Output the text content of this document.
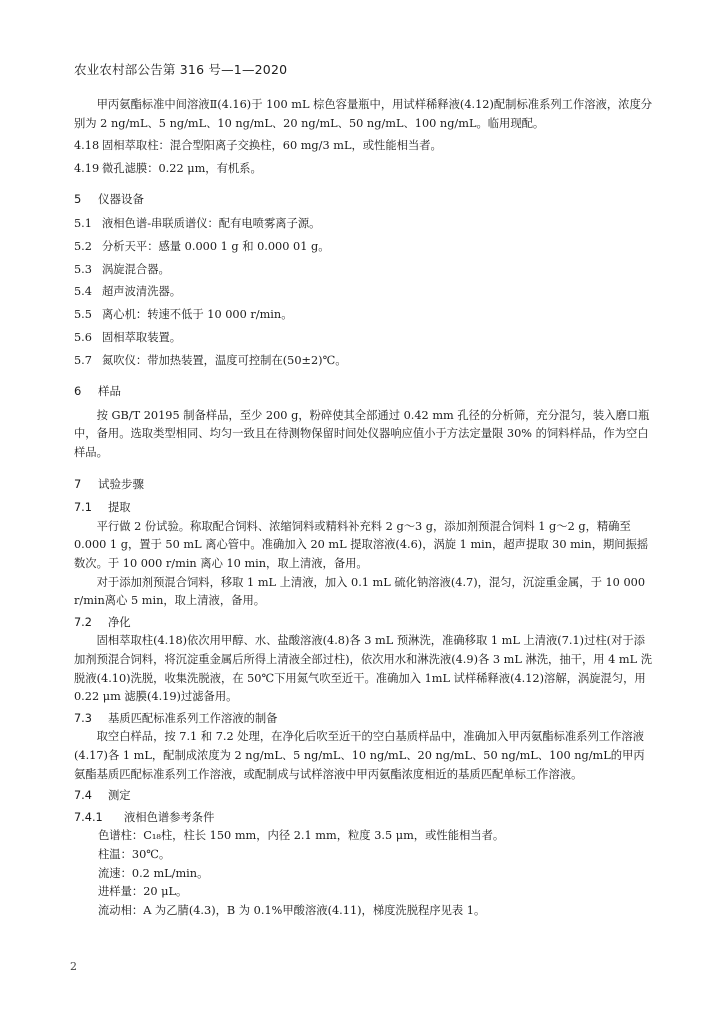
农业农村部公告第 316 号—1—2020

甲丙氨酯标准中间溶液Ⅱ(4.16)于 100 mL 棕色容量瓶中，用试样稀释液(4.12)配制标准系列工作溶液，浓度分别为 2 ng/mL、5 ng/mL、10 ng/mL、20 ng/mL、50 ng/mL、100 ng/mL。临用现配。

4.18 固相萃取柱：混合型阳离子交换柱，60 mg/3 mL，或性能相当者。
4.19 微孔滤膜：0.22 μm，有机系。
5	仪器设备
5.1 液相色谱-串联质谱仪：配有电喷雾离子源。
5.2 分析天平：感量 0.000 1 g 和 0.000 01 g。
5.3 涡旋混合器。
5.4 超声波清洗器。
5.5 离心机：转速不低于 10 000 r/min。
5.6 固相萃取装置。
5.7 氮吹仪：带加热装置，温度可控制在(50±2)℃。
6	样品

按 GB/T 20195 制备样品，至少 200 g，粉碎使其全部通过 0.42 mm 孔径的分析筛，充分混匀，装入磨口瓶中，备用。选取类型相同、均匀一致且在待测物保留时间处仪器响应值小于方法定量限 30% 的饲料样品，作为空白样品。

7	试验步骤
7.1	提取

平行做 2 份试验。称取配合饲料、浓缩饲料或精料补充料 2 g～3 g，添加剂预混合饲料 1 g～2 g，精确至 0.000 1 g，置于 50 mL 离心管中。准确加入 20 mL 提取溶液(4.6)，涡旋 1 min，超声提取 30 min，期间振摇数次。于 10 000 r/min 离心 10 min，取上清液，备用。

对于添加剂预混合饲料，移取 1 mL 上清液，加入 0.1 mL 硫化钠溶液(4.7)，混匀，沉淀重金属，于 10 000 r/min离心 5 min，取上清液，备用。

7.2	净化

固相萃取柱(4.18)依次用甲醇、水、盐酸溶液(4.8)各 3 mL 预淋洗，准确移取 1 mL 上清液(7.1)过柱(对于添加剂预混合饲料，将沉淀重金属后所得上清液全部过柱)，依次用水和淋洗液(4.9)各 3 mL 淋洗，抽干，用 4 mL 洗脱液(4.10)洗脱，收集洗脱液，在 50℃下用氮气吹至近干。准确加入 1mL 试样稀释液(4.12)溶解，涡旋混匀，用 0.22 μm 滤膜(4.19)过滤备用。

7.3	基质匹配标准系列工作溶液的制备

取空白样品，按 7.1 和 7.2 处理，在净化后吹至近干的空白基质样品中，准确加入甲丙氨酯标准系列工作溶液(4.17)各 1 mL，配制成浓度为 2 ng/mL、5 ng/mL、10 ng/mL、20 ng/mL、50 ng/mL、100 ng/mL的甲丙氨酯基质匹配标准系列工作溶液，或配制成与试样溶液中甲丙氨酯浓度相近的基质匹配单标工作溶液。

7.4	测定
7.4.1	液相色谱参考条件

色谱柱：C₁₈柱，柱长 150 mm，内径 2.1 mm，粒度 3.5 μm，或性能相当者。

柱温：30℃。

流速：0.2 mL/min。

进样量：20 μL。

流动相：A 为乙腈(4.3)，B 为 0.1%甲酸溶液(4.11)，梯度洗脱程序见表 1。

2
